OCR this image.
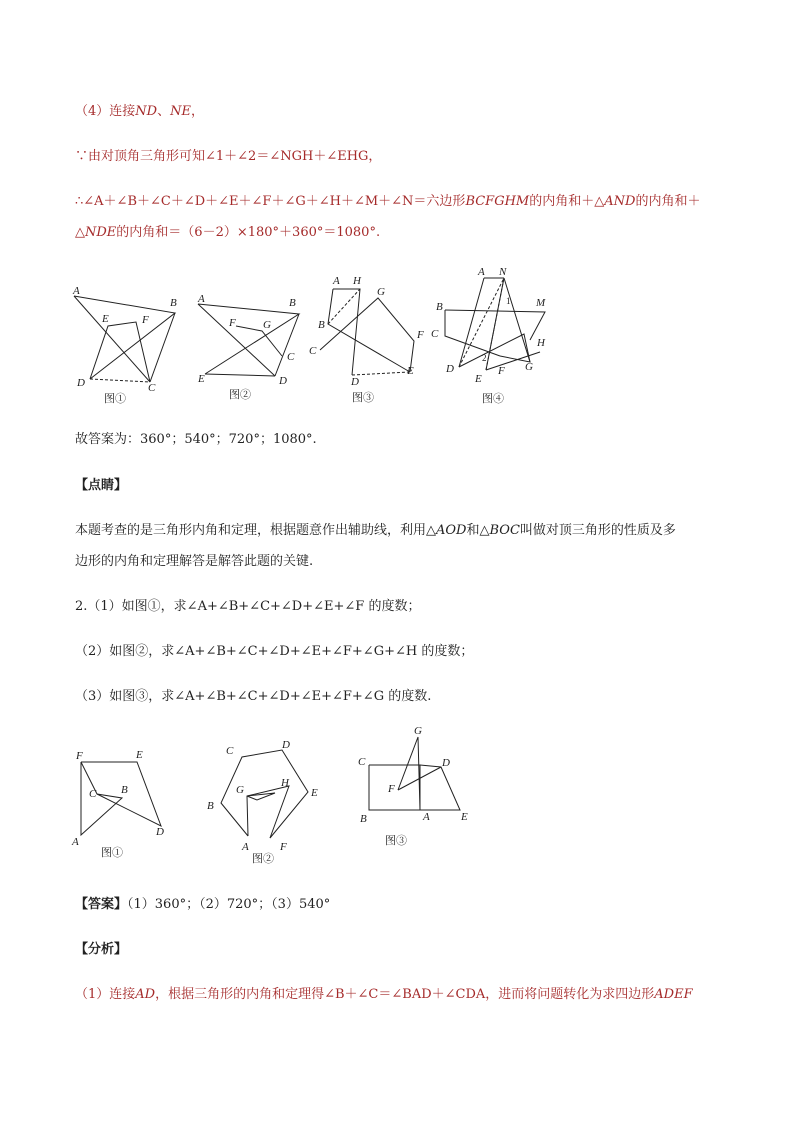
（4）连接ND、NE，
∵由对顶角三角形可知∠1＋∠2＝∠NGH＋∠EHG，
∴∠A＋∠B＋∠C＋∠D＋∠E＋∠F＋∠G＋∠H＋∠M＋∠N＝六边形BCFGHM的内角和＋△AND的内角和＋
△NDE的内角和＝（6－2）×180°＋360°＝1080°.
A
B
E	F
D	C
图①
A	B
F G
C
E	D
图②
A H
G
B
C
F
E
D
图③
A N
M
B
C
H
D
E
F G
1
2
图④
故答案为：360°；540°；720°；1080°.
【点睛】
本题考查的是三角形内角和定理，根据题意作出辅助线，利用△AOD和△BOC叫做对顶三角形的性质及多
边形的内角和定理解答是解答此题的关键.
2.（1）如图①，求∠A+∠B+∠C+∠D+∠E+∠F 的度数；
（2）如图②，求∠A+∠B+∠C+∠D+∠E+∠F+∠G+∠H 的度数；
（3）如图③，求∠A+∠B+∠C+∠D+∠E+∠F+∠G 的度数.
F	E
C B
D
A
图①
C	D
G
H
B
E
A	F
图②
C
G
D
F
B	A	E
图③
【答案】（1）360°；（2）720°；（3）540°
【分析】
（1）连接AD，根据三角形的内角和定理得∠B＋∠C＝∠BAD＋∠CDA，进而将问题转化为求四边形ADEF
